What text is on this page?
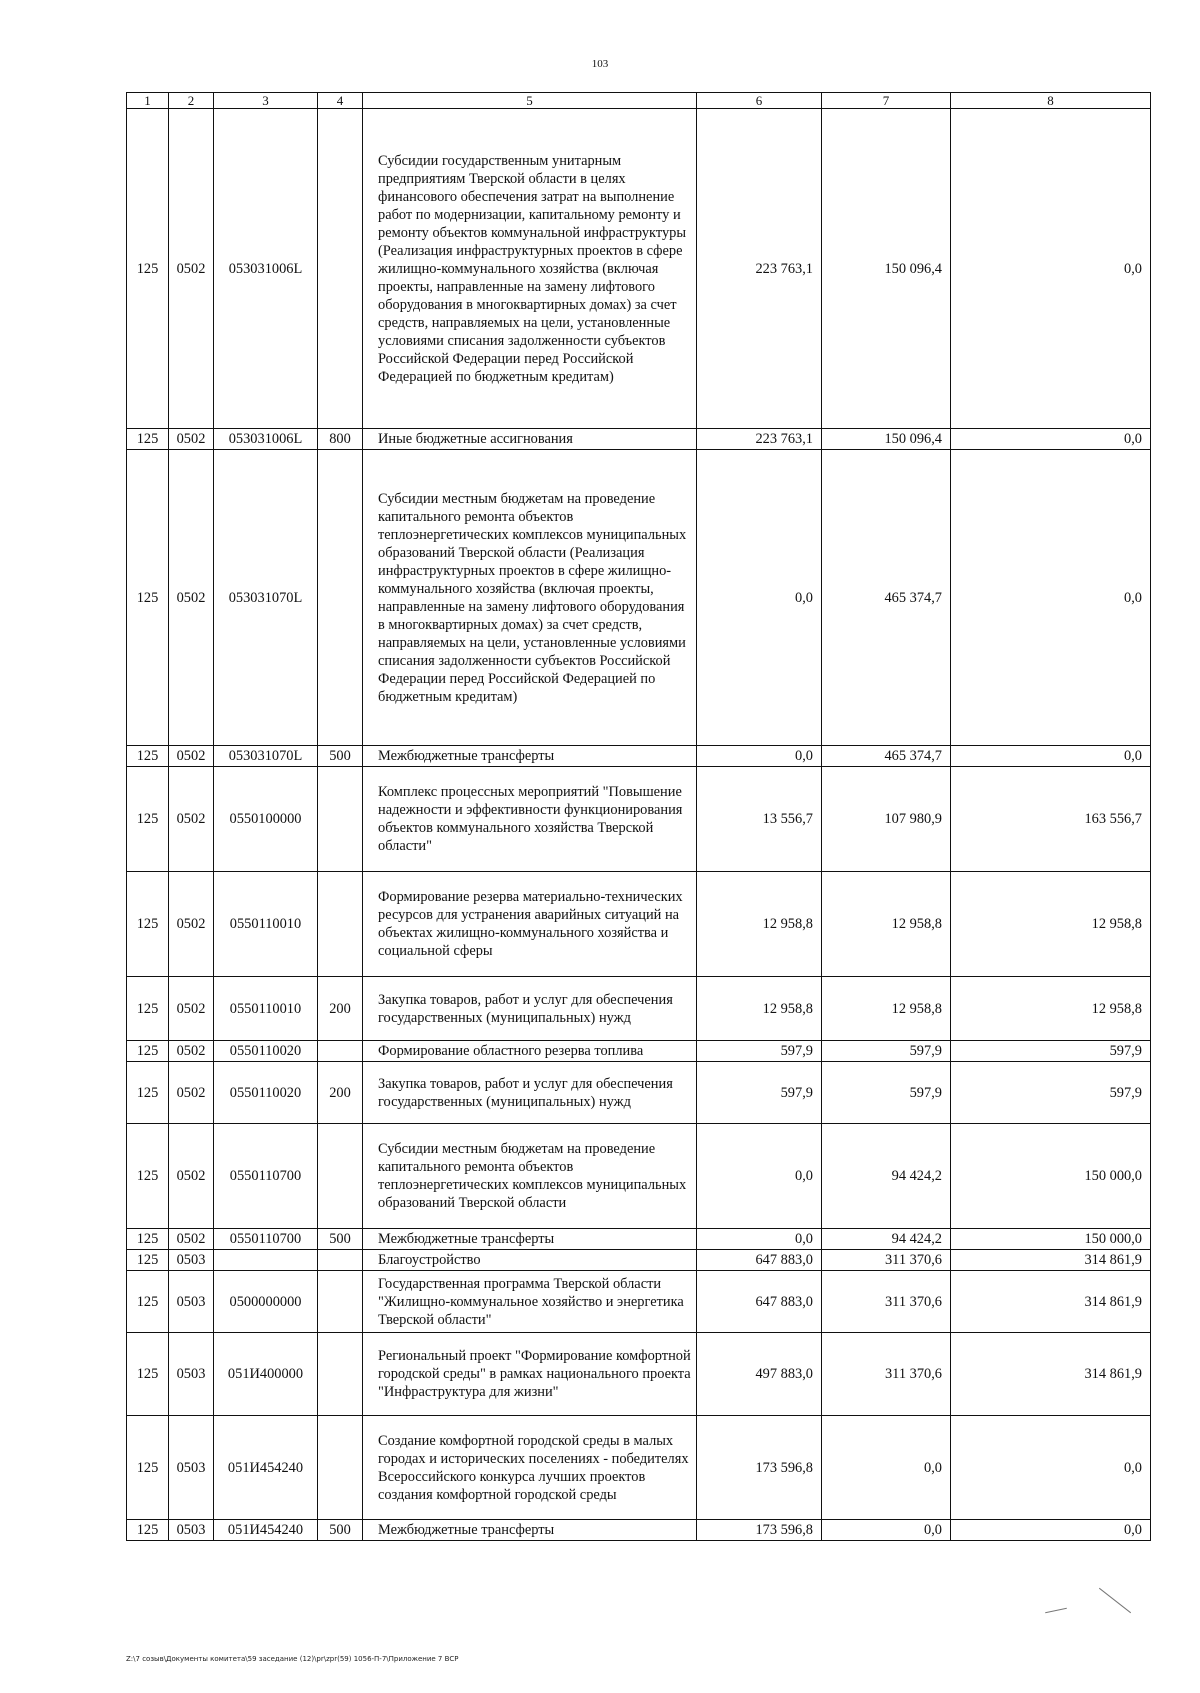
103
1	2	3	4	5	6	7	8
125	0502	053031006L		Субсидии государственным унитарным предприятиям Тверской области в целях финансового обеспечения затрат на выполнение работ по модернизации, капитальному ремонту и ремонту объектов коммунальной инфраструктуры (Реализация инфраструктурных проектов в сфере жилищно-коммунального хозяйства (включая проекты, направленные на замену лифтового оборудования в многоквартирных домах) за счет средств, направляемых на цели, установленные условиями списания задолженности субъектов Российской Федерации перед Российской Федерацией по бюджетным кредитам)	223 763,1	150 096,4	0,0
125	0502	053031006L	800	Иные бюджетные ассигнования	223 763,1	150 096,4	0,0
125	0502	053031070L		Субсидии местным бюджетам на проведение капитального ремонта объектов теплоэнергетических комплексов муниципальных образований Тверской области (Реализация инфраструктурных проектов в сфере жилищно-коммунального хозяйства (включая проекты, направленные на замену лифтового оборудования в многоквартирных домах) за счет средств, направляемых на цели, установленные условиями списания задолженности субъектов Российской Федерации перед Российской Федерацией по бюджетным кредитам)	0,0	465 374,7	0,0
125	0502	053031070L	500	Межбюджетные трансферты	0,0	465 374,7	0,0
125	0502	0550100000		Комплекс процессных мероприятий "Повышение надежности и эффективности функционирования объектов коммунального хозяйства Тверской области"	13 556,7	107 980,9	163 556,7
125	0502	0550110010		Формирование резерва материально-технических ресурсов для устранения аварийных ситуаций на объектах жилищно-коммунального хозяйства и социальной сферы	12 958,8	12 958,8	12 958,8
125	0502	0550110010	200	Закупка товаров, работ и услуг для обеспечения государственных (муниципальных) нужд	12 958,8	12 958,8	12 958,8
125	0502	0550110020		Формирование областного резерва топлива	597,9	597,9	597,9
125	0502	0550110020	200	Закупка товаров, работ и услуг для обеспечения государственных (муниципальных) нужд	597,9	597,9	597,9
125	0502	0550110700		Субсидии местным бюджетам на проведение капитального ремонта объектов теплоэнергетических комплексов муниципальных образований Тверской области	0,0	94 424,2	150 000,0
125	0502	0550110700	500	Межбюджетные трансферты	0,0	94 424,2	150 000,0
125	0503			Благоустройство	647 883,0	311 370,6	314 861,9
125	0503	0500000000		Государственная программа Тверской области "Жилищно-коммунальное хозяйство и энергетика Тверской области"	647 883,0	311 370,6	314 861,9
125	0503	051И400000		Региональный проект "Формирование комфортной городской среды" в рамках национального проекта "Инфраструктура для жизни"	497 883,0	311 370,6	314 861,9
125	0503	051И454240		Создание комфортной городской среды в малых городах и исторических поселениях - победителях Всероссийского конкурса лучших проектов создания комфортной городской среды	173 596,8	0,0	0,0
125	0503	051И454240	500	Межбюджетные трансферты	173 596,8	0,0	0,0
Z:\7 созыв\Документы комитета\59 заседание (12)\pr\zpr(59) 1056-П-7\Приложение 7 ВСР
